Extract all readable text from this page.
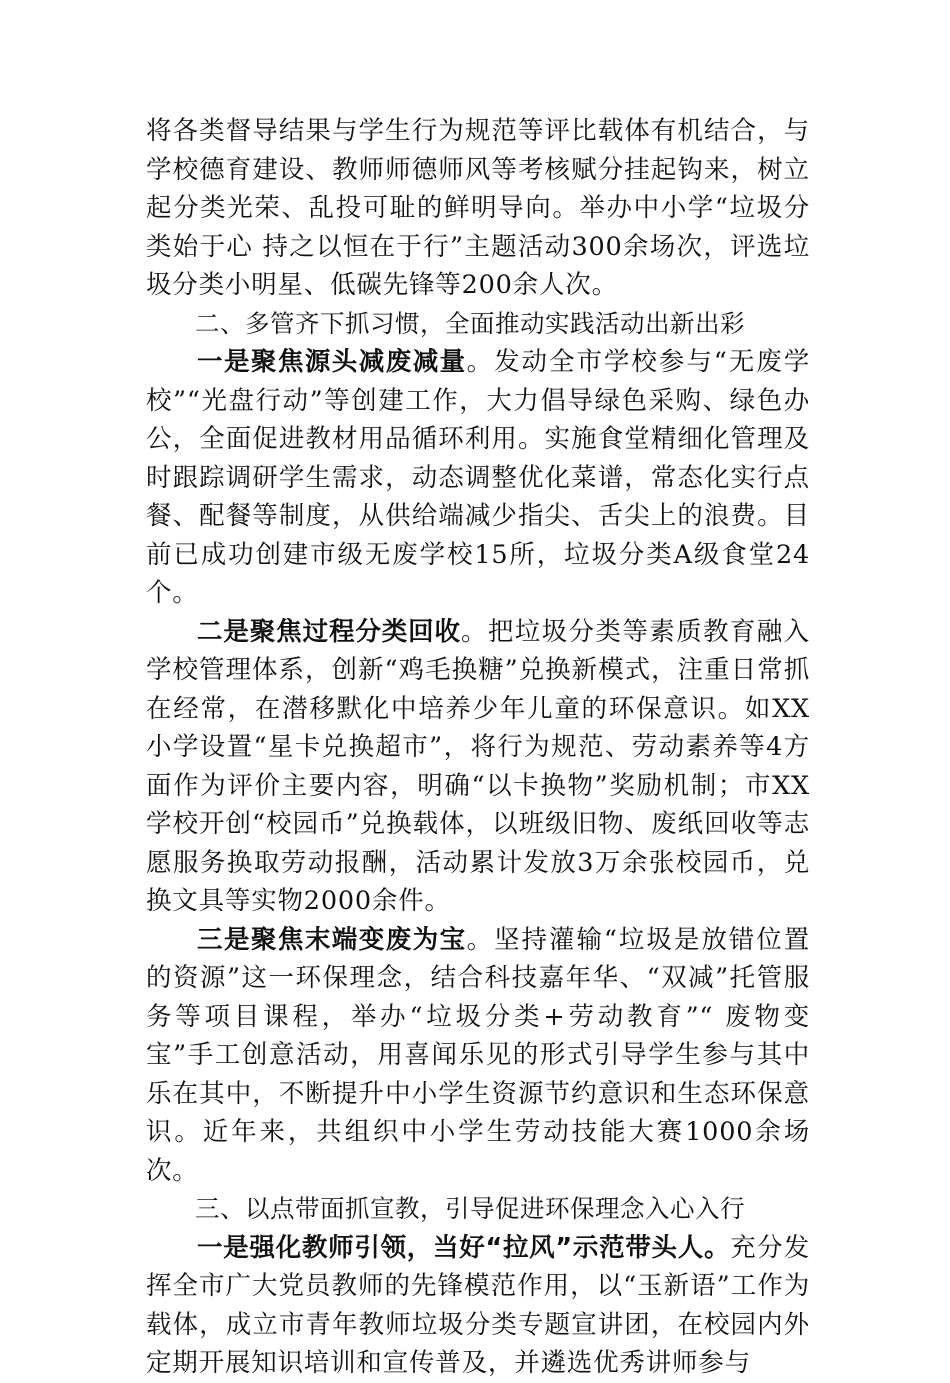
将各类督导结果与学生行为规范等评比载体有机结合，与学校德育建设、教师师德师风等考核赋分挂起钩来，树立起分类光荣、乱投可耻的鲜明导向。举办中小学“垃圾分类始于心 持之以恒在于行”主题活动300余场次，评选垃圾分类小明星、低碳先锋等200余人次。

二、多管齐下抓习惯，全面推动实践活动出新出彩

一是聚焦源头减废减量。发动全市学校参与“无废学校”“光盘行动”等创建工作，大力倡导绿色采购、绿色办公，全面促进教材用品循环利用。实施食堂精细化管理及时跟踪调研学生需求，动态调整优化菜谱，常态化实行点餐、配餐等制度，从供给端减少指尖、舌尖上的浪费。目前已成功创建市级无废学校15所，垃圾分类A级食堂24个。

二是聚焦过程分类回收。把垃圾分类等素质教育融入学校管理体系，创新“鸡毛换糖”兑换新模式，注重日常抓在经常，在潜移默化中培养少年儿童的环保意识。如XX小学设置“星卡兑换超市”，将行为规范、劳动素养等4方面作为评价主要内容，明确“以卡换物”奖励机制；市XX学校开创“校园币”兑换载体，以班级旧物、废纸回收等志愿服务换取劳动报酬，活动累计发放3万余张校园币，兑换文具等实物2000余件。

三是聚焦末端变废为宝。坚持灌输“垃圾是放错位置的资源”这一环保理念，结合科技嘉年华、“双减”托管服务等项目课程，举办“垃圾分类+劳动教育”“ 废物变宝”手工创意活动，用喜闻乐见的形式引导学生参与其中乐在其中，不断提升中小学生资源节约意识和生态环保意识。近年来，共组织中小学生劳动技能大赛1000余场次。

三、以点带面抓宣教，引导促进环保理念入心入行

一是强化教师引领，当好“拉风”示范带头人。充分发挥全市广大党员教师的先锋模范作用，以“玉新语”工作为载体，成立市青年教师垃圾分类专题宣讲团，在校园内外定期开展知识培训和宣传普及，并遴选优秀讲师参与
